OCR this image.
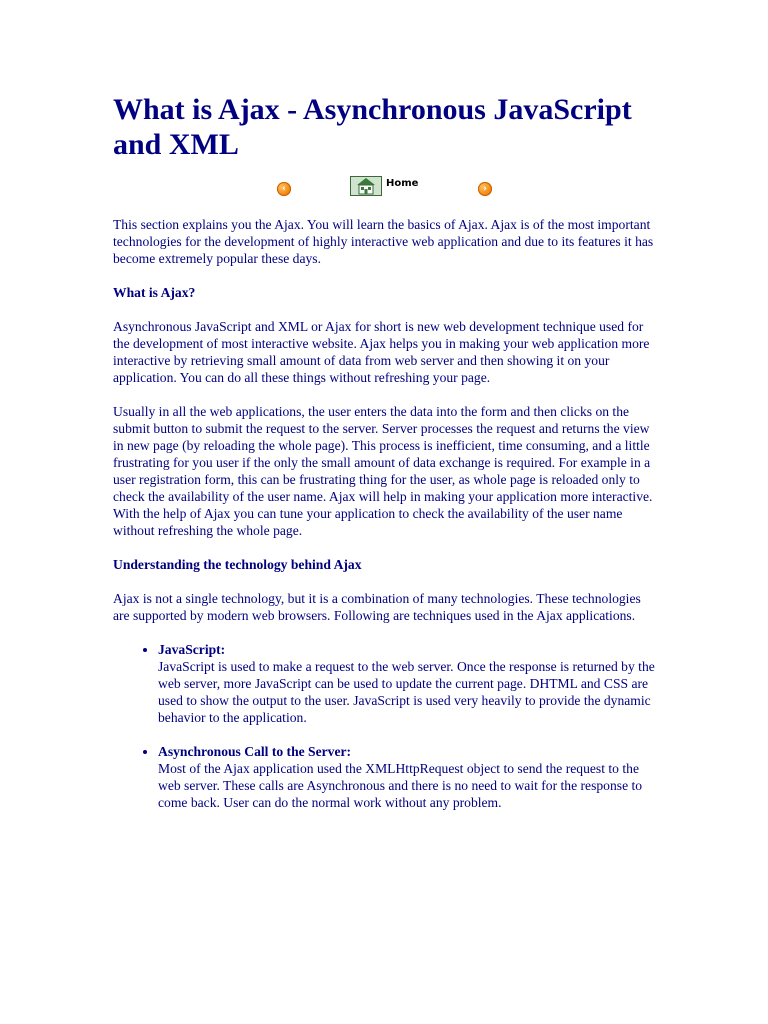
What is Ajax - Asynchronous JavaScript and XML
‹
Home
›

This section explains you the Ajax. You will learn the basics of Ajax. Ajax is of the most important technologies for the development of highly interactive web application and due to its features it has become extremely popular these days.

What is Ajax?

Asynchronous JavaScript and XML or Ajax for short is new web development technique used for the development of most interactive website. Ajax helps you in making your web application more interactive by retrieving small amount of data from web server and then showing it on your application. You can do all these things without refreshing your page.

Usually in all the web applications, the user enters the data into the form and then clicks on the submit button to submit the request to the server. Server processes the request and returns the view in new page (by reloading the whole page). This process is inefficient, time consuming, and a little frustrating for you user if the only the small amount of data exchange is required. For example in a user registration form, this can be frustrating thing for the user, as whole page is reloaded only to check the availability of the user name. Ajax will help in making your application more interactive. With the help of Ajax you can tune your application to check the availability of the user name without refreshing the whole page.

Understanding the technology behind Ajax

Ajax is not a single technology, but it is a combination of many technologies. These technologies are supported by modern web browsers. Following are techniques used in the Ajax applications.

• JavaScript:
JavaScript is used to make a request to the web server. Once the response is returned by the web server, more JavaScript can be used to update the current page. DHTML and CSS are used to show the output to the user. JavaScript is used very heavily to provide the dynamic behavior to the application.
• Asynchronous Call to the Server:
Most of the Ajax application used the XMLHttpRequest object to send the request to the web server. These calls are Asynchronous and there is no need to wait for the response to come back. User can do the normal work without any problem.
